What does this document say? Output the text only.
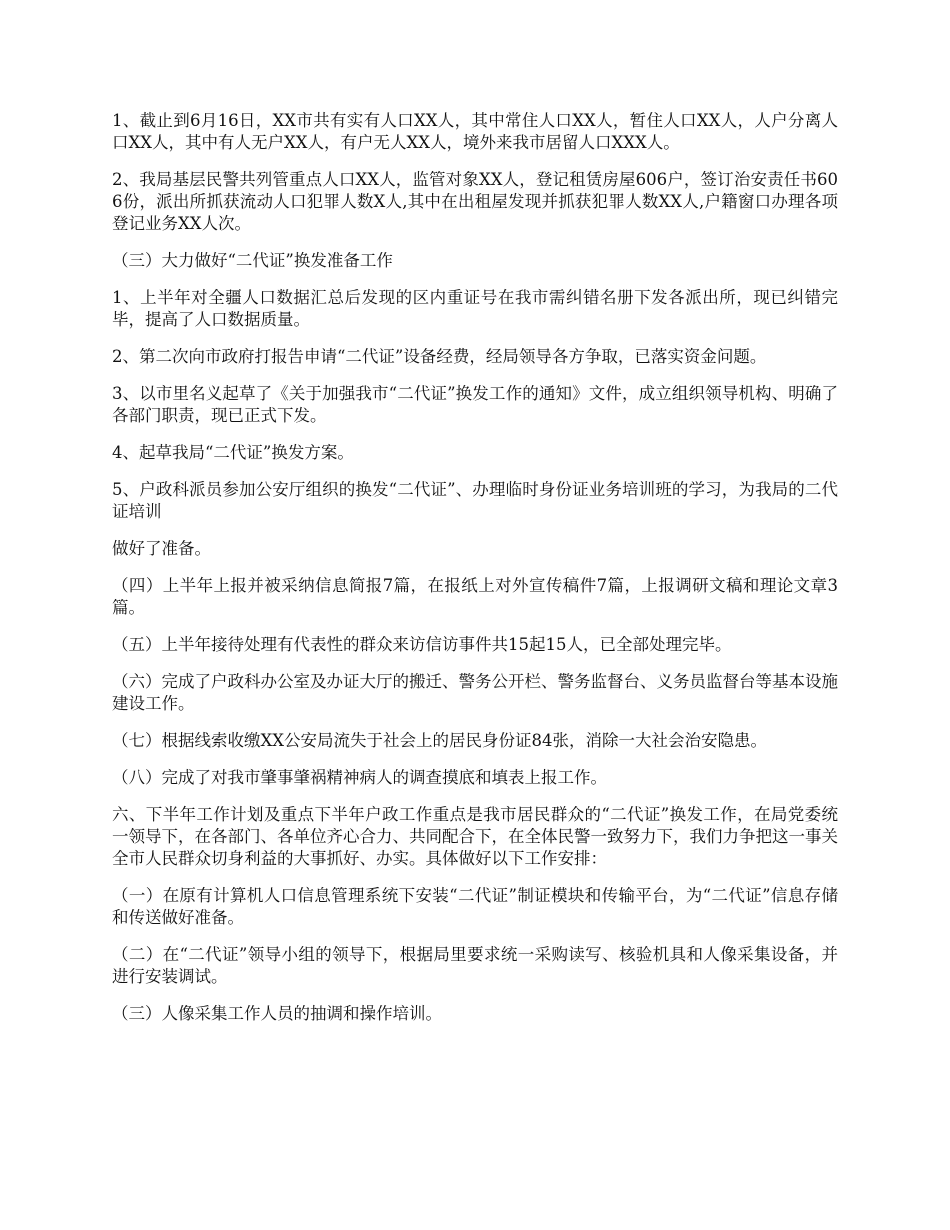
1、截止到6月16日，XX市共有实有人口XX人，其中常住人口XX人，暂住人口XX人，人户分离人口XX人，其中有人无户XX人，有户无人XX人，境外来我市居留人口XXX人。

2、我局基层民警共列管重点人口XX人，监管对象XX人，登记租赁房屋606户，签订治安责任书606份，派出所抓获流动人口犯罪人数X人,其中在出租屋发现并抓获犯罪人数XX人,户籍窗口办理各项登记业务XX人次。

（三）大力做好“二代证”换发准备工作

1、上半年对全疆人口数据汇总后发现的区内重证号在我市需纠错名册下发各派出所，现已纠错完毕，提高了人口数据质量。

2、第二次向市政府打报告申请“二代证”设备经费，经局领导各方争取，已落实资金问题。

3、以市里名义起草了《关于加强我市“二代证”换发工作的通知》文件，成立组织领导机构、明确了各部门职责，现已正式下发。

4、起草我局“二代证”换发方案。

5、户政科派员参加公安厅组织的换发“二代证”、办理临时身份证业务培训班的学习，为我局的二代证培训

做好了准备。

（四）上半年上报并被采纳信息简报7篇，在报纸上对外宣传稿件7篇，上报调研文稿和理论文章3篇。

（五）上半年接待处理有代表性的群众来访信访事件共15起15人，已全部处理完毕。

（六）完成了户政科办公室及办证大厅的搬迁、警务公开栏、警务监督台、义务员监督台等基本设施建设工作。

（七）根据线索收缴XX公安局流失于社会上的居民身份证84张，消除一大社会治安隐患。

（八）完成了对我市肇事肇祸精神病人的调查摸底和填表上报工作。

六、下半年工作计划及重点下半年户政工作重点是我市居民群众的“二代证”换发工作，在局党委统一领导下，在各部门、各单位齐心合力、共同配合下，在全体民警一致努力下，我们力争把这一事关全市人民群众切身利益的大事抓好、办实。具体做好以下工作安排：

（一）在原有计算机人口信息管理系统下安装“二代证”制证模块和传输平台，为“二代证”信息存储和传送做好准备。

（二）在“二代证”领导小组的领导下，根据局里要求统一采购读写、核验机具和人像采集设备，并进行安装调试。

（三）人像采集工作人员的抽调和操作培训。
